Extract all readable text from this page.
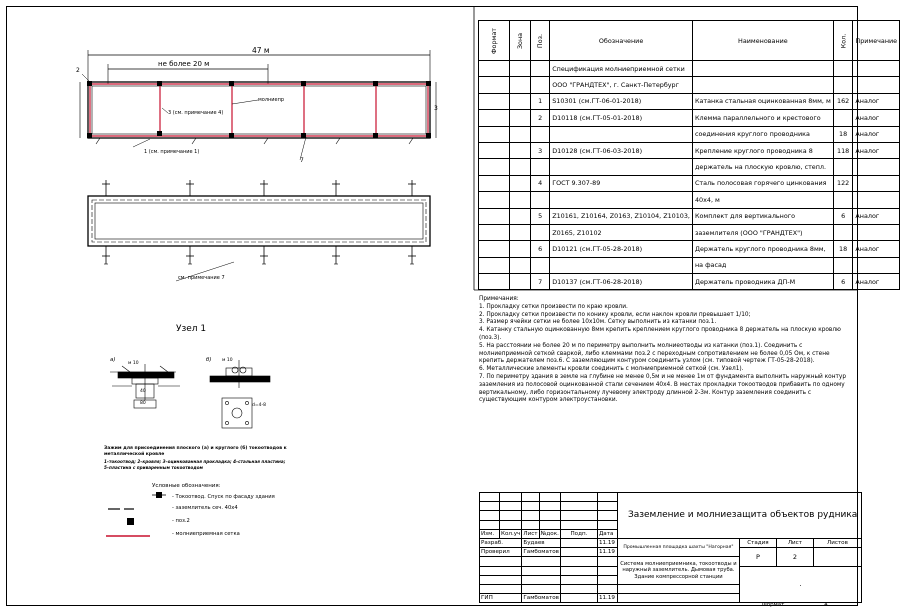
47 м
не более 20 м
2
3
3 (см. примечание 4)
молниепр
1 (см. примечание 1)
7
см. примечание 7
Узел 1
а)	б)
м 10
40
80
м 10
d=4-8
Зажим для присоединения плоского (а) и круглого (б) токоотводов к металлической кровле
1–токоотвод; 2–кровля; 3–оцинкованная прокладка; 4–стальная пластина; 5–пластина с приваренным токоотводом
Условные обозначения:
- Токоотвод. Спуск по фасаду здания
- заземлитель сеч. 40х4
- поз.2
- молниеприемная сетка
Формат	Зона	Поз.	Обозначение	Наименование	Кол.	Примечание
			Спецификация молниеприемной сетки			
			ООО "ГРАНДТЕХ", г. Санкт-Петербург			
		1	S10301 (см.ГТ-06-01-2018)	Катанка стальная оцинкованная 8мм, м	162	Аналог
		2	D10118 (см.ГТ-05-01-2018)	Клемма параллельного и крестового		Аналог
				соединения круглого проводника	18	Аналог
		3	D10128 (см.ГТ-06-03-2018)	Крепление круглого проводника 8	118	Аналог
				держатель на плоскую кровлю, степл.		
		4	ГОСТ 9.307-89	Сталь полосовая горячего цинкования	122	
				40х4, м		
		5	Z10161, Z10164, Z0163, Z10104, Z10103,	Комплект для вертикального	6	Аналог
			Z0165, Z10102	заземлителя (ООО "ГРАНДТЕХ")		
		6	D10121 (см.ГТ-05-28-2018)	Держатель круглого проводника 8мм,	18	Аналог
				на фасад		
		7	D10137 (см.ГТ-06-28-2018)	Держатель проводника ДП-М	6	Аналог
Примечания:
1. Прокладку сетки произвести по краю кровли.
2. Прокладку сетки произвести по конику кровли, если наклон кровли превышает 1/10;
3. Размер ячейки сетки не более 10х10м. Сетку выполнить из катанки поз.1.
4. Катанку стальную оцинкованную 8мм крепить креплением круглого проводника 8 держатель на плоскую кровлю (поз.3).
5. На расстоянии не более 20 м по периметру выполнить молниеотводы из катанки (поз.1). Соединить с молниеприемной сеткой сваркой, либо клеммами поз.2 с переходным сопротивлением не более 0,05 Ом, к стене крепить держателем поз.6. С заземляющим контуром соединить узлом (см. типовой чертеж ГТ-05-28-2018).
6. Металлические элементы кровли соединить с молниеприемной сеткой (см. Узел1).
7. По периметру здания в земле на глубине не менее 0,5м и не менее 1м от фундамента выполнить наружный контур заземления из полосовой оцинкованной стали сечением 40х4. В местах прокладки токоотводов прибавить по одному вертикальному, либо горизонтальному лучевому электроду длинной 2-3м. Контур заземления соединить с существующим контуром электроустановки.
						Заземление и молниезащита объектов рудника			

Изм.	Кол.уч	Лист	№док.	Подп.	Дата				
Разраб.		Будаев			11.19	Промышленная площадка шахты "Нагорная"	Стадия	Лист	Листов
Проверил		Гамбоматов			11.19		Р	2	
						Система молниеприемника, токоотводы и наружный заземлитель. Дымовая труба. Здание компрессорной станции			
							.		

ГИП		Гамбоматов			11.19				
Формат	А
